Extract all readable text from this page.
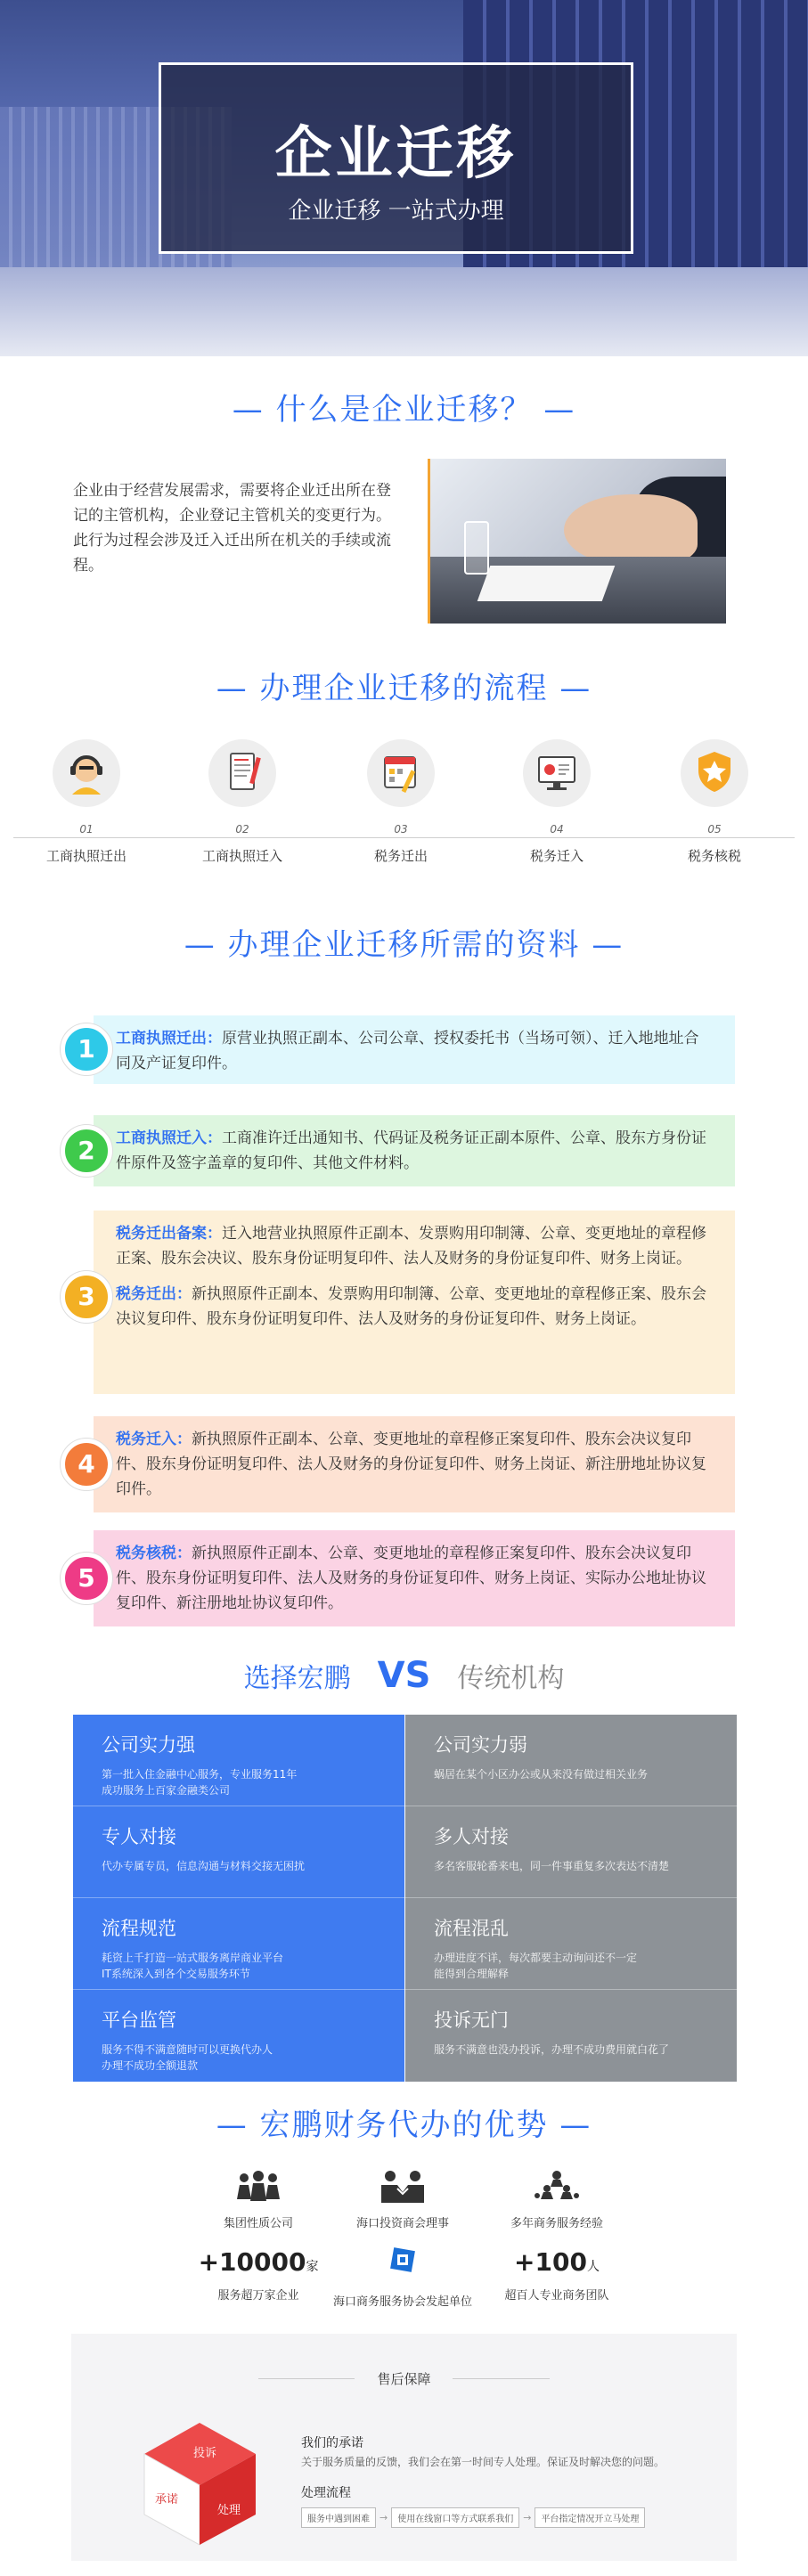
企业迁移
企业迁移 一站式办理
— 什么是企业迁移？ —
企业由于经营发展需求，需要将企业迁出所在登记的主管机构，企业登记主管机关的变更行为。此行为过程会涉及迁入迁出所在机关的手续或流程。
— 办理企业迁移的流程 —
01
工商执照迁出
02
工商执照迁入
03
税务迁出
04
税务迁入
05
税务核税
— 办理企业迁移所需的资料 —
工商执照迁出：原营业执照正副本、公司公章、授权委托书（当场可领）、迁入地地址合同及产证复印件。
1
工商执照迁入：工商准许迁出通知书、代码证及税务证正副本原件、公章、股东方身份证件原件及签字盖章的复印件、其他文件材料。
2
税务迁出备案：迁入地营业执照原件正副本、发票购用印制簿、公章、变更地址的章程修正案、股东会决议、股东身份证明复印件、法人及财务的身份证复印件、财务上岗证。
税务迁出：新执照原件正副本、发票购用印制簿、公章、变更地址的章程修正案、股东会决议复印件、股东身份证明复印件、法人及财务的身份证复印件、财务上岗证。
3
税务迁入：新执照原件正副本、公章、变更地址的章程修正案复印件、股东会决议复印件、股东身份证明复印件、法人及财务的身份证复印件、财务上岗证、新注册地址协议复印件。
4
税务核税：新执照原件正副本、公章、变更地址的章程修正案复印件、股东会决议复印件、股东身份证明复印件、法人及财务的身份证复印件、财务上岗证、实际办公地址协议复印件、新注册地址协议复印件。
5
选择宏鹏 VS 传统机构
公司实力强
第一批入住金融中心服务，专业服务11年
成功服务上百家金融类公司
公司实力弱
蜗居在某个小区办公或从来没有做过相关业务
专人对接
代办专属专员，信息沟通与材料交接无困扰
多人对接
多名客服轮番来电，同一件事重复多次表达不清楚
流程规范
耗资上千打造一站式服务离岸商业平台
IT系统深入到各个交易服务环节
流程混乱
办理进度不详，每次都要主动询问还不一定
能得到合理解释
平台监管
服务不得不满意随时可以更换代办人
办理不成功全额退款
投诉无门
服务不满意也没办投诉，办理不成功费用就白花了
— 宏鹏财务代办的优势 —
集团性质公司	海口投资商会理事	多年商务服务经验
+10000家
服务超万家企业	海口商务服务协会发起单位
+100人
超百人专业商务团队
售后保障
投诉
承诺
处理
我们的承诺
关于服务质量的反馈，我们会在第一时间专人处理。保证及时解决您的问题。
处理流程
服务中遇到困难	→	使用在线窗口等方式联系我们	→	平台指定情况开立马处理
